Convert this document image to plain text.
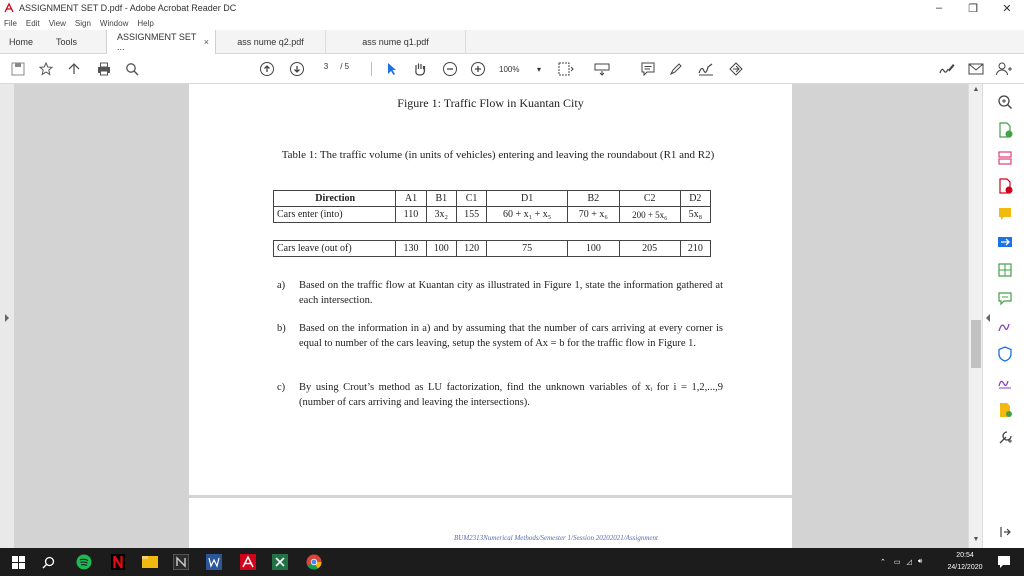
ASSIGNMENT SET D.pdf - Adobe Acrobat Reader DC	–	❐	✕
File Edit View Sign Window Help
Home	Tools	ASSIGNMENT SET ...	×	ass nume q2.pdf	ass nume q1.pdf
3 / 5	100% ▾
Figure 1: Traffic Flow in Kuantan City
Table 1: The traffic volume (in units of vehicles) entering and leaving the roundabout (R1 and R2)
Direction	A1	B1	C1	D1	B2	C2	D2
Cars enter (into)	110	3x₂	155	60 + x₁ + x₅	70 + x₆	200 + 5x₆	5x₈

Cars leave (out of)	130	100	120	75	100	205	210
a) Based on the traffic flow at Kuantan city as illustrated in Figure 1, state the information gathered at each intersection.
b) Based on the information in a) and by assuming that the number of cars arriving at every corner is equal to number of the cars leaving, setup the system of Ax = b for the traffic flow in Figure 1.
c) By using Crout’s method as LU factorization, find the unknown variables of xᵢ for i = 1,2,...,9 (number of cars arriving and leaving the intersections).
BUM2313Numerical Methods/Semester 1/Session 20202021/Assignment
▲
▼
⌃ ▭ ◿ 🔊︎
20:54
24/12/2020
